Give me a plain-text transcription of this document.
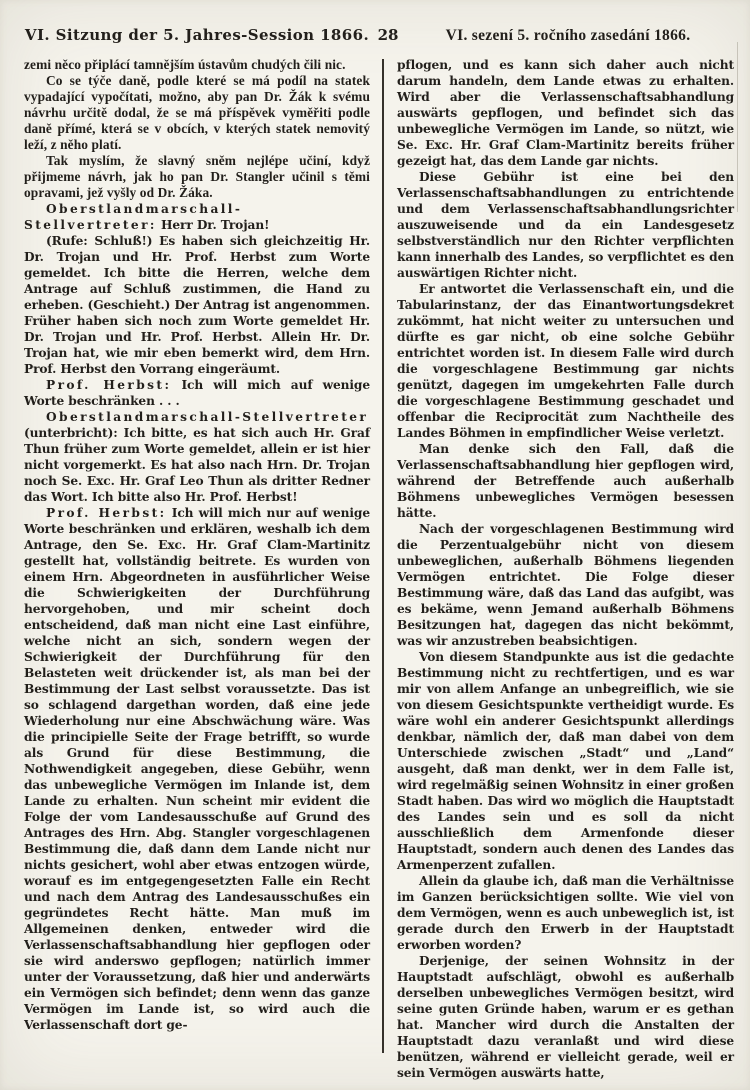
VI. Sitzung der 5. Jahres-Session 1866. 28	VI. sezení 5. ročního zasedání 1866.

zemi něco připlácí tamnějším ústavům chudých čili nic.

Co se týče daně, podle které se má podíl na statek vypadající vypočítati, možno, aby pan Dr. Žák k svému návrhu určitě dodal, že se má příspěvek vyměřiti podle daně přímé, která se v obcích, v kterých statek nemovitý leží, z něho platí.

Tak myslím, že slavný sněm nejlépe učiní, když přijmeme návrh, jak ho pan Dr. Stangler učinil s těmi opravami, jež vyšly od Dr. Žáka.

Oberstlandmarschall-Stellvertreter: Herr Dr. Trojan!

(Rufe: Schluß!) Es haben sich gleichzeitig Hr. Dr. Trojan und Hr. Prof. Herbst zum Worte gemeldet. Ich bitte die Herren, welche dem Antrage auf Schluß zustimmen, die Hand zu erheben. (Geschieht.) Der Antrag ist angenommen. Früher haben sich noch zum Worte gemeldet Hr. Dr. Trojan und Hr. Prof. Herbst. Allein Hr. Dr. Trojan hat, wie mir eben bemerkt wird, dem Hrn. Prof. Herbst den Vorrang eingeräumt.

Prof. Herbst: Ich will mich auf wenige Worte beschränken . . .

Oberstlandmarschall-Stellvertreter (unterbricht): Ich bitte, es hat sich auch Hr. Graf Thun früher zum Worte gemeldet, allein er ist hier nicht vorgemerkt. Es hat also nach Hrn. Dr. Trojan noch Se. Exc. Hr. Graf Leo Thun als dritter Redner das Wort. Ich bitte also Hr. Prof. Herbst!

Prof. Herbst: Ich will mich nur auf wenige Worte beschränken und erklären, weshalb ich dem Antrage, den Se. Exc. Hr. Graf Clam-Martinitz gestellt hat, vollständig beitrete. Es wurden von einem Hrn. Abgeordneten in ausführlicher Weise die Schwierigkeiten der Durchführung hervorgehoben, und mir scheint doch entscheidend, daß man nicht eine Last einführe, welche nicht an sich, sondern wegen der Schwierigkeit der Durchführung für den Belasteten weit drückender ist, als man bei der Bestimmung der Last selbst voraussetzte. Das ist so schlagend dargethan worden, daß eine jede Wiederholung nur eine Abschwächung wäre. Was die principielle Seite der Frage betrifft, so wurde als Grund für diese Bestimmung, die Nothwendigkeit angegeben, diese Gebühr, wenn das unbewegliche Vermögen im Inlande ist, dem Lande zu erhalten. Nun scheint mir evident die Folge der vom Landesausschuße auf Grund des Antrages des Hrn. Abg. Stangler vorgeschlagenen Bestimmung die, daß dann dem Lande nicht nur nichts gesichert, wohl aber etwas entzogen würde, worauf es im entgegengesetzten Falle ein Recht und nach dem Antrag des Landesausschußes ein gegründetes Recht hätte. Man muß im Allgemeinen denken, entweder wird die Verlassenschaftsabhandlung hier gepflogen oder sie wird anderswo gepflogen; natürlich immer unter der Voraussetzung, daß hier und anderwärts ein Vermögen sich befindet; denn wenn das ganze Vermögen im Lande ist, so wird auch die Verlassenschaft dort ge-

pflogen, und es kann sich daher auch nicht darum handeln, dem Lande etwas zu erhalten. Wird aber die Verlassenschaftsabhandlung auswärts gepflogen, und befindet sich das unbewegliche Vermögen im Lande, so nützt, wie Se. Exc. Hr. Graf Clam-Martinitz bereits früher gezeigt hat, das dem Lande gar nichts.

Diese Gebühr ist eine bei den Verlassenschaftsabhandlungen zu entrichtende und dem Verlassenschaftsabhandlungsrichter auszuweisende und da ein Landesgesetz selbstverständlich nur den Richter verpflichten kann innerhalb des Landes, so verpflichtet es den auswärtigen Richter nicht.

Er antwortet die Verlassenschaft ein, und die Tabularinstanz, der das Einantwortungsdekret zukömmt, hat nicht weiter zu untersuchen und dürfte es gar nicht, ob eine solche Gebühr entrichtet worden ist. In diesem Falle wird durch die vorgeschlagene Bestimmung gar nichts genützt, dagegen im umgekehrten Falle durch die vorgeschlagene Bestimmung geschadet und offenbar die Reciprocität zum Nachtheile des Landes Böhmen in empfindlicher Weise verletzt.

Man denke sich den Fall, daß die Verlassenschaftsabhandlung hier gepflogen wird, während der Betreffende auch außerhalb Böhmens unbewegliches Vermögen besessen hätte.

Nach der vorgeschlagenen Bestimmung wird die Perzentualgebühr nicht von diesem unbeweglichen, außerhalb Böhmens liegenden Vermögen entrichtet. Die Folge dieser Bestimmung wäre, daß das Land das aufgibt, was es bekäme, wenn Jemand außerhalb Böhmens Besitzungen hat, dagegen das nicht bekömmt, was wir anzustreben beabsichtigen.

Von diesem Standpunkte aus ist die gedachte Bestimmung nicht zu rechtfertigen, und es war mir von allem Anfange an unbegreiflich, wie sie von diesem Gesichtspunkte vertheidigt wurde. Es wäre wohl ein anderer Gesichtspunkt allerdings denkbar, nämlich der, daß man dabei von dem Unterschiede zwischen „Stadt“ und „Land“ ausgeht, daß man denkt, wer in dem Falle ist, wird regelmäßig seinen Wohnsitz in einer großen Stadt haben. Das wird wo möglich die Hauptstadt des Landes sein und es soll da nicht ausschließlich dem Armenfonde dieser Hauptstadt, sondern auch denen des Landes das Armenperzent zufallen.

Allein da glaube ich, daß man die Verhältnisse im Ganzen berücksichtigen sollte. Wie viel von dem Vermögen, wenn es auch unbeweglich ist, ist gerade durch den Erwerb in der Hauptstadt erworben worden?

Derjenige, der seinen Wohnsitz in der Hauptstadt aufschlägt, obwohl es außerhalb derselben unbewegliches Vermögen besitzt, wird seine guten Gründe haben, warum er es gethan hat. Mancher wird durch die Anstalten der Hauptstadt dazu veranlaßt und wird diese benützen, während er vielleicht gerade, weil er sein Vermögen auswärts hatte,
